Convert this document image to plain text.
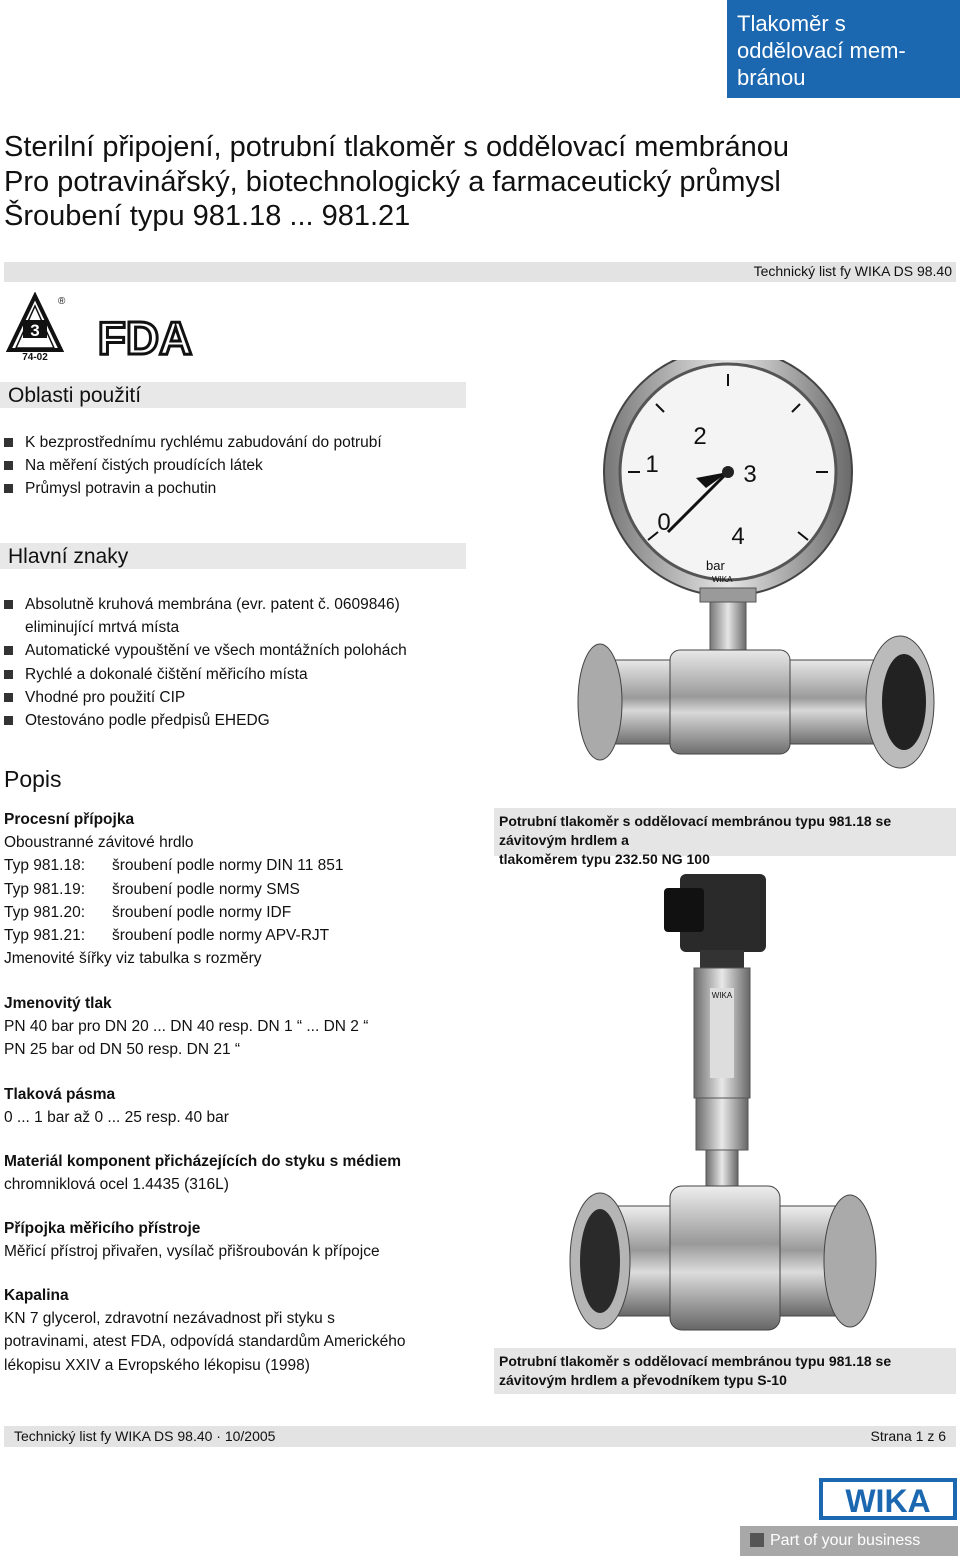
Tlakoměr s
oddělovací mem-
bránou
Sterilní připojení, potrubní tlakoměr s oddělovací membránou
Pro potravinářský, biotechnologický a farmaceutický průmysl
Šroubení typu 981.18 ... 981.21
Technický list fy WIKA DS 98.40
3
74-02
®
FDA
Oblasti použití
K bezprostřednímu rychlému zabudování do potrubí
Na měření čistých proudících látek
Průmysl potravin a pochutin
Hlavní znaky
Absolutně kruhová membrána (evr. patent č. 0609846)
eliminující mrtvá místa
Automatické vypouštění ve všech montážních polohách
Rychlé a dokonalé čištění měřicího místa
Vhodné pro použití CIP
Otestováno podle předpisů EHEDG
Popis
Procesní přípojka
Oboustranné závitové hrdlo
Typ 981.18:	šroubení podle normy DIN 11 851
Typ 981.19:	šroubení podle normy SMS
Typ 981.20:	šroubení podle normy IDF
Typ 981.21:	šroubení podle normy APV-RJT
Jmenovité šířky viz tabulka s rozměry
Jmenovitý tlak
PN 40 bar pro DN 20 ... DN 40 resp. DN 1 “ ... DN 2 “
PN 25 bar od DN 50 resp. DN 21 “
Tlaková pásma
0 ... 1 bar až 0 ... 25 resp. 40 bar
Materiál komponent přicházejících do styku s médiem
chromniklová ocel 1.4435 (316L)
Přípojka měřicího přístroje
Měřicí přístroj přivařen, vysílač přišroubován k přípojce
Kapalina
KN 7 glycerol, zdravotní nezávadnost při styku s
potravinami, atest FDA, odpovídá standardům Amerického
lékopisu XXIV a Evropského lékopisu (1998)
0
1
2
3
4
bar
WIKA
Potrubní tlakoměr s oddělovací membránou typu 981.18 se
závitovým hrdlem a
tlakoměrem typu 232.50 NG 100
WIKA
Potrubní tlakoměr s oddělovací membránou typu 981.18 se
závitovým hrdlem a převodníkem typu S-10
Technický list fy WIKA DS 98.40 · 10/2005	Strana 1 z 6
WIKA
Part of your business
